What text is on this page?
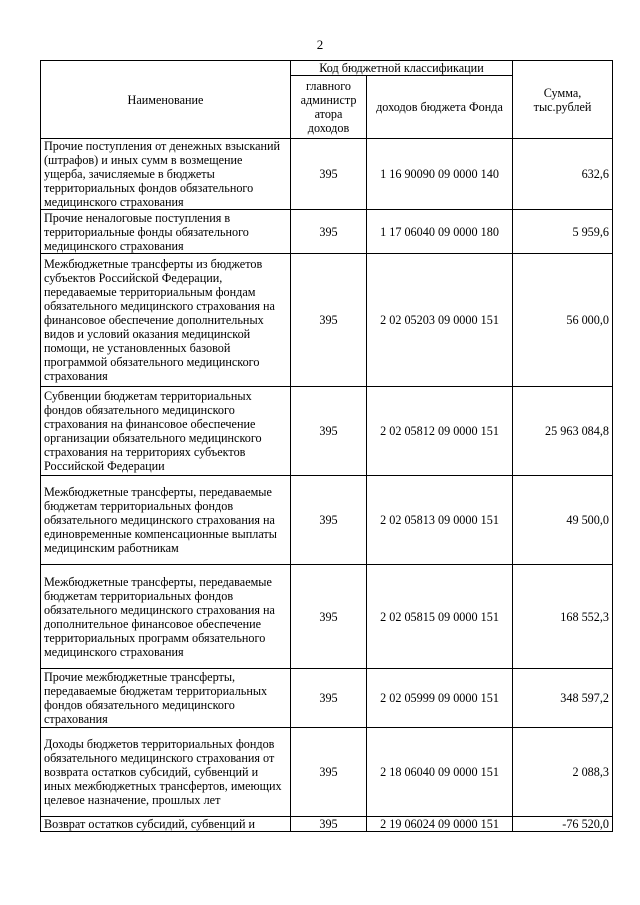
2
Наименование	Код бюджетной классификации		Сумма, тыс.рублей
	главного администр атора доходов	доходов бюджета Фонда	
Прочие поступления от денежных взысканий (штрафов) и иных сумм в возмещение ущерба, зачисляемые в бюджеты территориальных фондов обязательного медицинского страхования	395	1 16 90090 09 0000 140	632,6
Прочие неналоговые поступления в территориальные фонды обязательного медицинского страхования	395	1 17 06040 09 0000 180	5 959,6
Межбюджетные трансферты из бюджетов субъектов Российской Федерации, передаваемые территориальным фондам обязательного медицинского страхования на финансовое обеспечение дополнительных видов и условий оказания медицинской помощи, не установленных базовой программой обязательного медицинского страхования	395	2 02 05203 09 0000 151	56 000,0
Субвенции бюджетам территориальных фондов обязательного медицинского страхования на финансовое обеспечение организации обязательного медицинского страхования на территориях субъектов Российской Федерации	395	2 02 05812 09 0000 151	25 963 084,8
Межбюджетные трансферты, передаваемые бюджетам территориальных фондов обязательного медицинского страхования на единовременные компенсационные выплаты медицинским работникам	395	2 02 05813 09 0000 151	49 500,0
Межбюджетные трансферты, передаваемые бюджетам территориальных фондов обязательного медицинского страхования на дополнительное финансовое обеспечение территориальных программ обязательного медицинского страхования	395	2 02 05815 09 0000 151	168 552,3
Прочие межбюджетные трансферты, передаваемые бюджетам территориальных фондов обязательного медицинского страхования	395	2 02 05999 09 0000 151	348 597,2
Доходы бюджетов территориальных фондов обязательного медицинского страхования от возврата остатков субсидий, субвенций и иных межбюджетных трансфертов, имеющих целевое назначение, прошлых лет	395	2 18 06040 09 0000 151	2 088,3
Возврат остатков субсидий, субвенций и	395	2 19 06024 09 0000 151	-76 520,0
